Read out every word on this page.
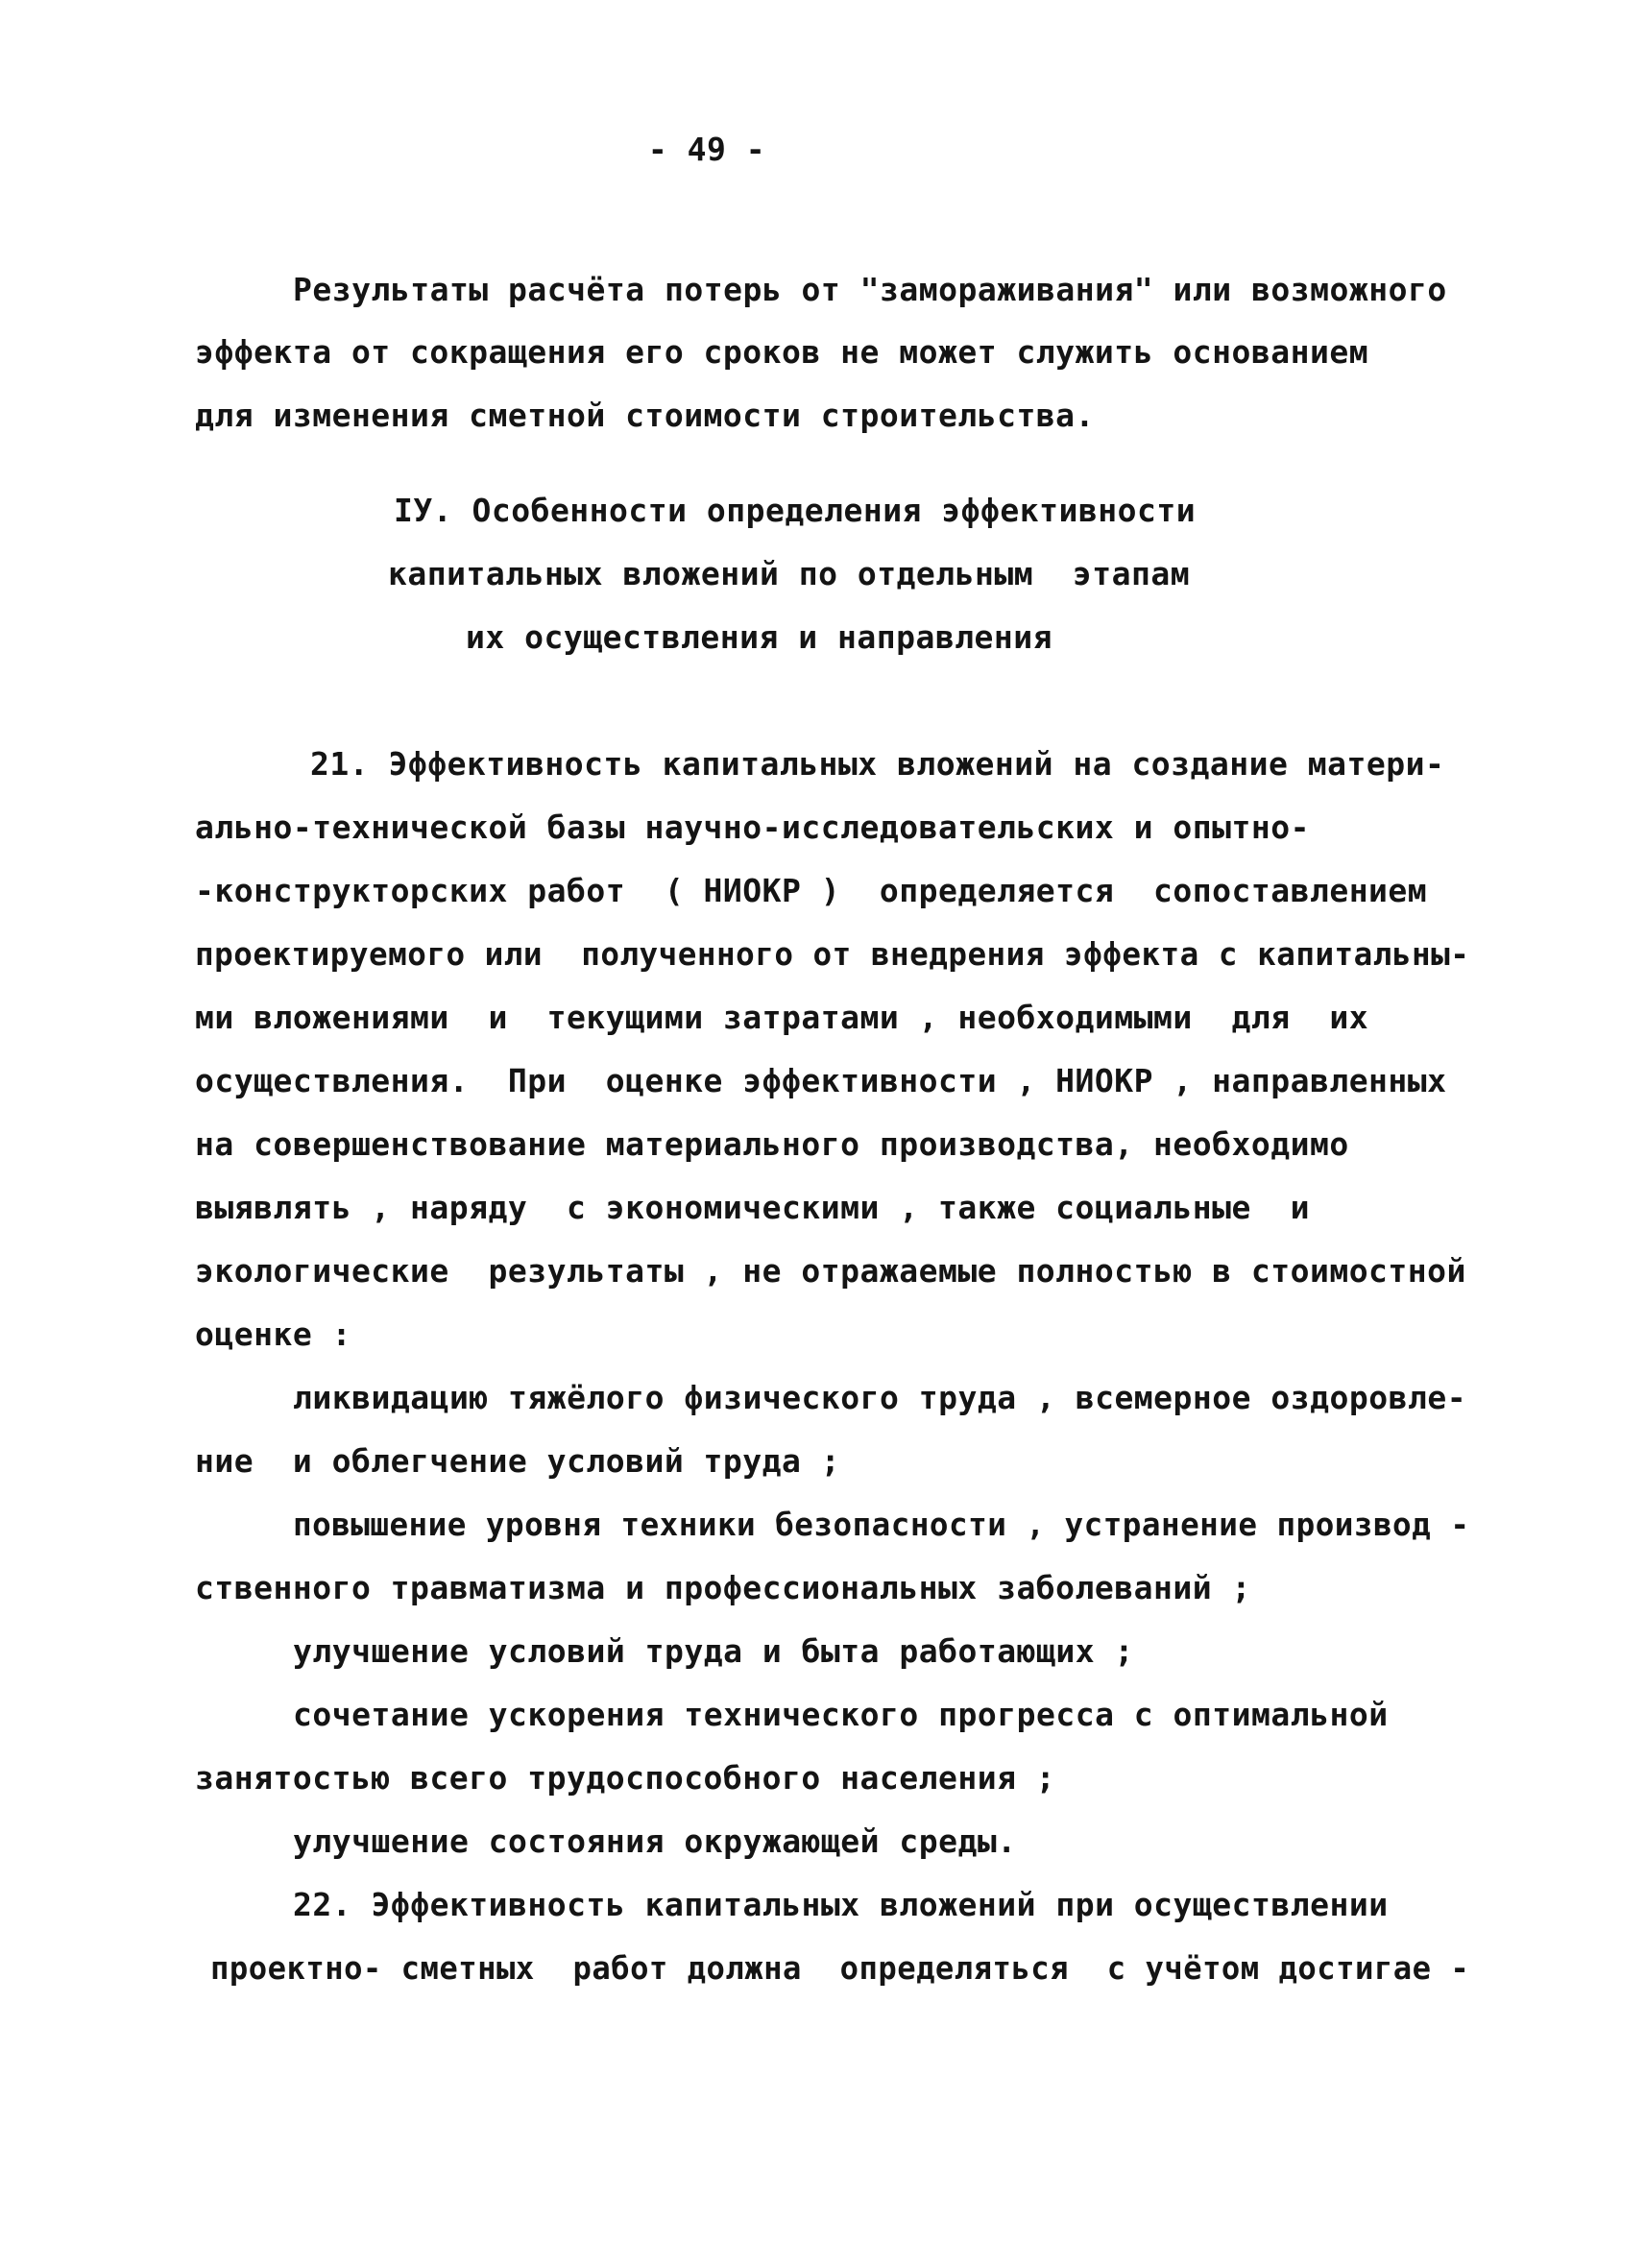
- 49 -
Результаты расчёта потерь от "замораживания" или возможного
эффекта от сокращения его сроков не может служить основанием
для изменения сметной стоимости строительства.
IУ. Особенности определения эффективности
капитальных вложений по отдельным  этапам
их осуществления и направления
21. Эффективность капитальных вложений на создание матери-
ально-технической базы научно-исследовательских и опытно-
-конструкторских работ  ( НИОКР )  определяется  сопоставлением
проектируемого или  полученного от внедрения эффекта с капитальны-
ми вложениями  и  текущими затратами , необходимыми  для  их
осуществления.  При  оценке эффективности , НИОКР , направленных
на совершенствование материального производства, необходимо
выявлять , наряду  с экономическими , также социальные  и
экологические  результаты , не отражаемые полностью в стоимостной
оценке :
ликвидацию тяжёлого физического труда , всемерное оздоровле-
ние  и облегчение условий труда ;
повышение уровня техники безопасности , устранение производ -
ственного травматизма и профессиональных заболеваний ;
улучшение условий труда и быта работающих ;
сочетание ускорения технического прогресса с оптимальной
занятостью всего трудоспособного населения ;
улучшение состояния окружающей среды.
22. Эффективность капитальных вложений при осуществлении
проектно- сметных  работ должна  определяться  с учётом достигае -
